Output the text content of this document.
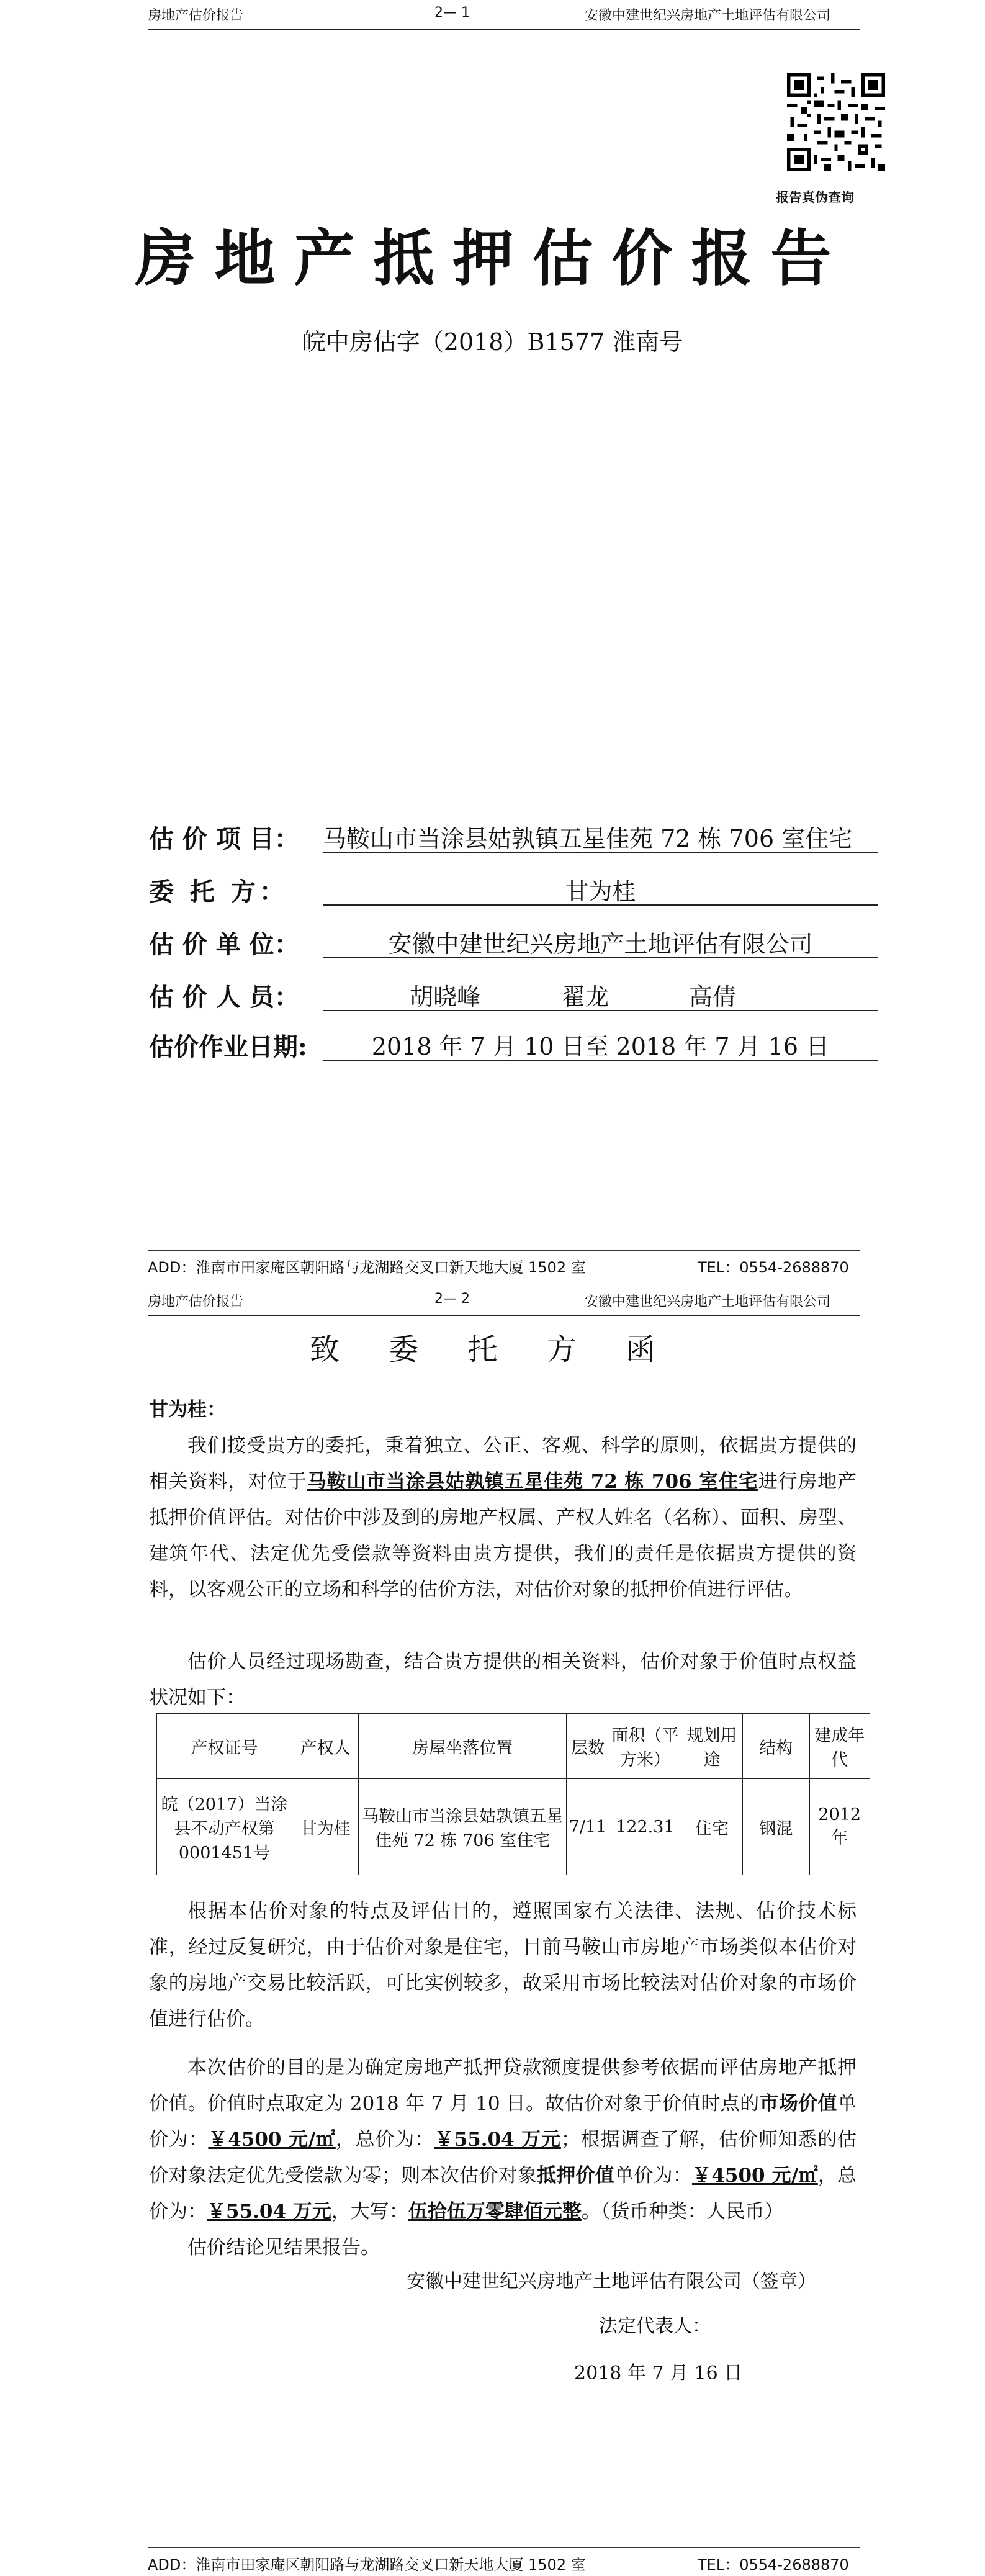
房地产估价报告	2— 1	安徽中建世纪兴房地产土地评估有限公司
报告真伪查询
房地产抵押估价报告
皖中房估字（2018）B1577 淮南号
估 价 项 目： 马鞍山市当涂县姑孰镇五星佳苑 72 栋 706 室住宅
委 托 方：	甘为桂
估 价 单 位：	安徽中建世纪兴房地产土地评估有限公司
估 价 人 员：	胡晓峰	翟龙	高倩
估价作业日期:	2018 年 7 月 10 日至 2018 年 7 月 16 日
ADD：淮南市田家庵区朝阳路与龙湖路交叉口新天地大厦 1502 室	TEL：0554-2688870
房地产估价报告	2— 2	安徽中建世纪兴房地产土地评估有限公司
致 委 托 方 函
甘为桂：
我们接受贵方的委托，秉着独立、公正、客观、科学的原则，依据贵方提供的相关资料，对位于马鞍山市当涂县姑孰镇五星佳苑 72 栋 706 室住宅进行房地产抵押价值评估。对估价中涉及到的房地产权属、产权人姓名（名称）、面积、房型、建筑年代、法定优先受偿款等资料由贵方提供，我们的责任是依据贵方提供的资料，以客观公正的立场和科学的估价方法，对估价对象的抵押价值进行评估。
估价人员经过现场勘查，结合贵方提供的相关资料，估价对象于价值时点权益状况如下：
产权证号	产权人	房屋坐落位置	层数	面积（平方米）	规划用途	结构	建成年代
皖（2017）当涂县不动产权第0001451号	甘为桂	马鞍山市当涂县姑孰镇五星佳苑 72 栋 706 室住宅	7/11	122.31	住宅	钢混	2012 年
根据本估价对象的特点及评估目的，遵照国家有关法律、法规、估价技术标准，经过反复研究，由于估价对象是住宅，目前马鞍山市房地产市场类似本估价对象的房地产交易比较活跃，可比实例较多，故采用市场比较法对估价对象的市场价值进行估价。
本次估价的目的是为确定房地产抵押贷款额度提供参考依据而评估房地产抵押价值。价值时点取定为 2018 年 7 月 10 日。故估价对象于价值时点的市场价值单价为：￥4500 元/㎡，总价为：￥55.04 万元；根据调查了解，估价师知悉的估价对象法定优先受偿款为零；则本次估价对象抵押价值单价为：￥4500 元/㎡，总价为：￥55.04 万元，大写：伍拾伍万零肆佰元整。（货币种类：人民币）
估价结论见结果报告。
安徽中建世纪兴房地产土地评估有限公司（签章）
法定代表人：
2018 年 7 月 16 日
ADD：淮南市田家庵区朝阳路与龙湖路交叉口新天地大厦 1502 室	TEL：0554-2688870
